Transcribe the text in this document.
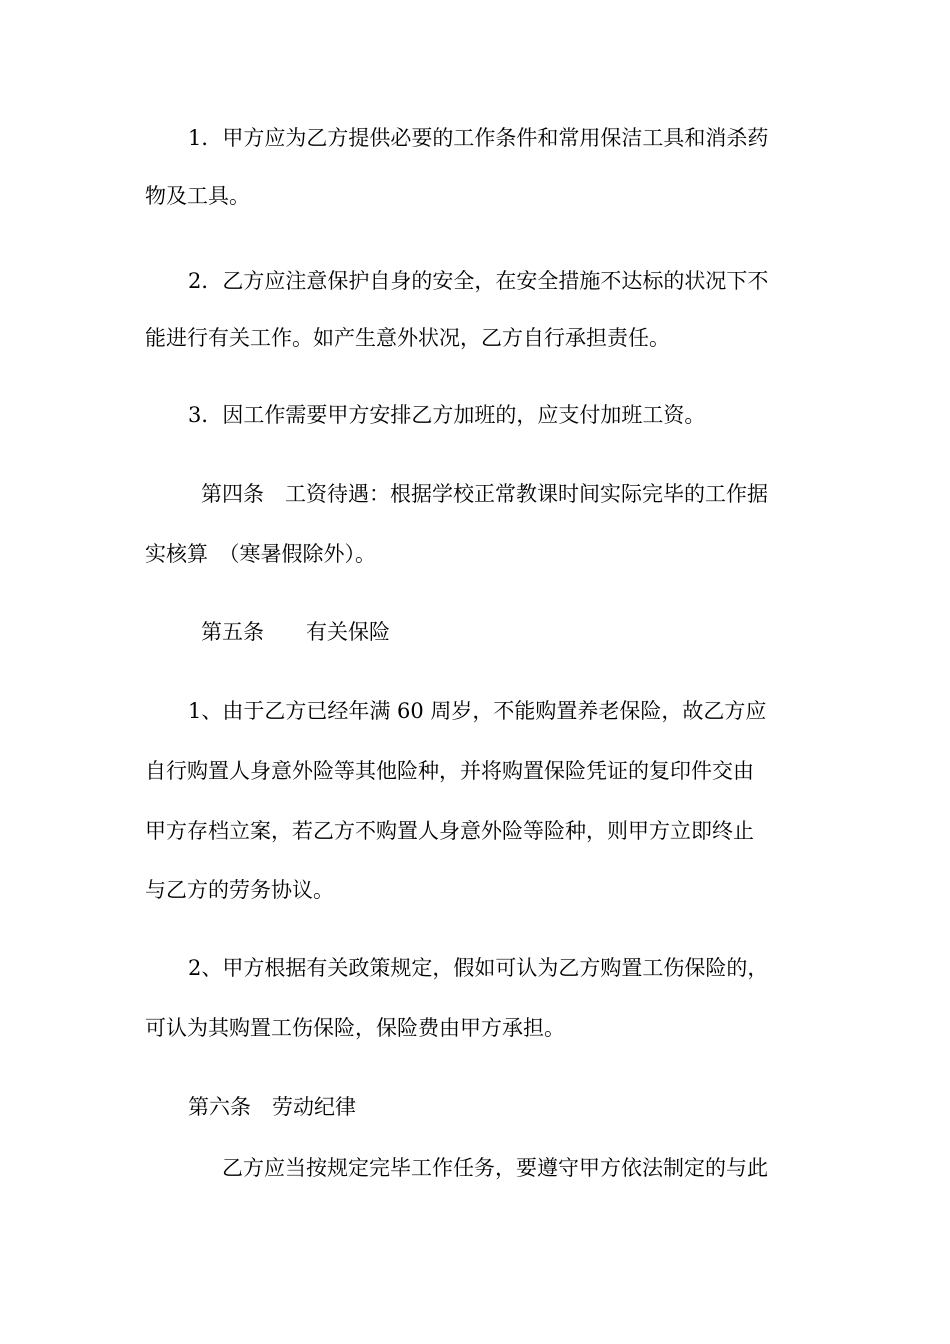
1．甲方应为乙方提供必要的工作条件和常用保洁工具和消杀药
物及工具。
2．乙方应注意保护自身的安全，在安全措施不达标的状况下不
能进行有关工作。如产生意外状况，乙方自行承担责任。
3．因工作需要甲方安排乙方加班的，应支付加班工资。
第四条　工资待遇：根据学校正常教课时间实际完毕的工作据
实核算　（寒暑假除外）。
第五条　　有关保险
1、由于乙方已经年满 60 周岁，不能购置养老保险，故乙方应
自行购置人身意外险等其他险种，并将购置保险凭证的复印件交由
甲方存档立案，若乙方不购置人身意外险等险种，则甲方立即终止
与乙方的劳务协议。
2、甲方根据有关政策规定，假如可认为乙方购置工伤保险的，
可认为其购置工伤保险，保险费由甲方承担。
第六条　劳动纪律
乙方应当按规定完毕工作任务，要遵守甲方依法制定的与此
